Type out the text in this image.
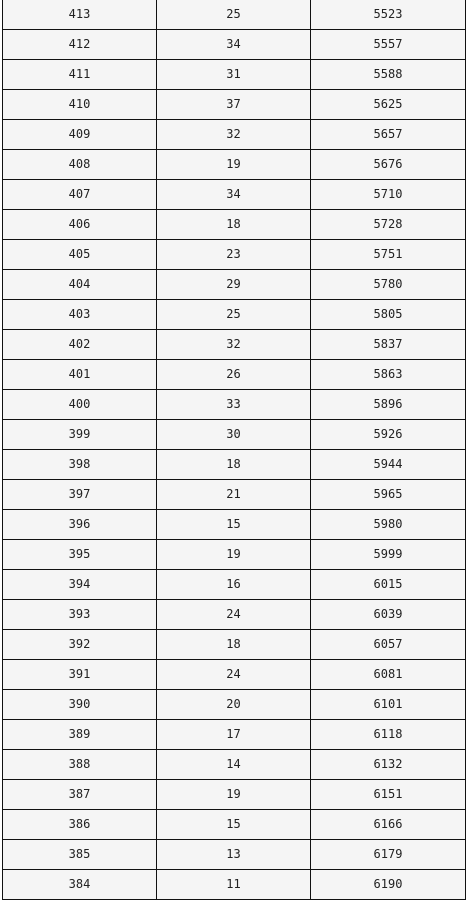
413	25	5523
412	34	5557
411	31	5588
410	37	5625
409	32	5657
408	19	5676
407	34	5710
406	18	5728
405	23	5751
404	29	5780
403	25	5805
402	32	5837
401	26	5863
400	33	5896
399	30	5926
398	18	5944
397	21	5965
396	15	5980
395	19	5999
394	16	6015
393	24	6039
392	18	6057
391	24	6081
390	20	6101
389	17	6118
388	14	6132
387	19	6151
386	15	6166
385	13	6179
384	11	6190
